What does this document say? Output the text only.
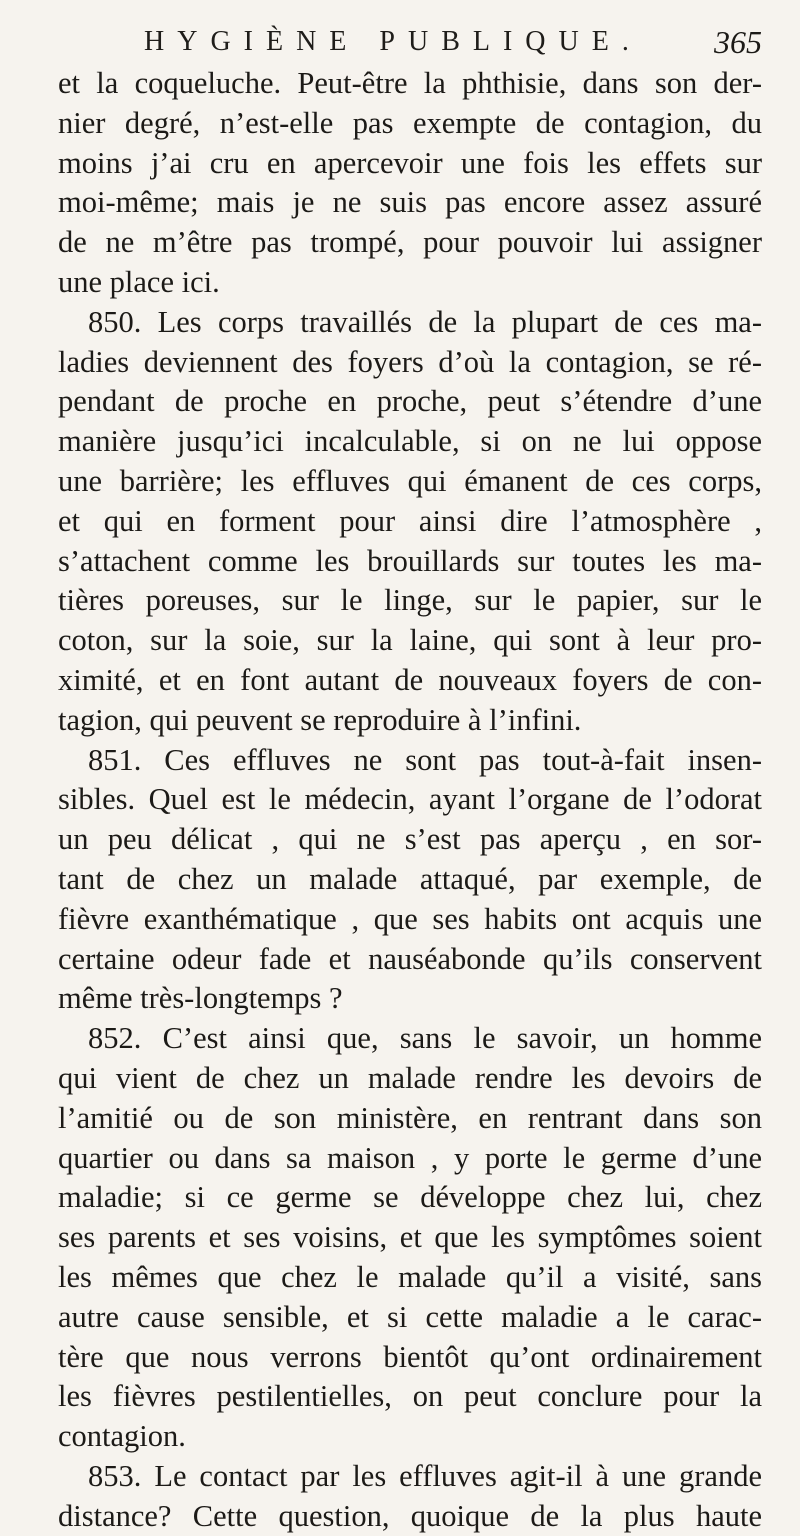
HYGIÈNE PUBLIQUE. 365
et la coqueluche. Peut-être la phthisie, dans son der-
nier degré, n’est-elle pas exempte de contagion, du
moins j’ai cru en apercevoir une fois les effets sur
moi-même; mais je ne suis pas encore assez assuré
de ne m’être pas trompé, pour pouvoir lui assigner
une place ici.
850. Les corps travaillés de la plupart de ces ma-
ladies deviennent des foyers d’où la contagion, se ré-
pendant de proche en proche, peut s’étendre d’une
manière jusqu’ici incalculable, si on ne lui oppose
une barrière; les effluves qui émanent de ces corps,
et qui en forment pour ainsi dire l’atmosphère ,
s’attachent comme les brouillards sur toutes les ma-
tières poreuses, sur le linge, sur le papier, sur le
coton, sur la soie, sur la laine, qui sont à leur pro-
ximité, et en font autant de nouveaux foyers de con-
tagion, qui peuvent se reproduire à l’infini.
851. Ces effluves ne sont pas tout-à-fait insen-
sibles. Quel est le médecin, ayant l’organe de l’odorat
un peu délicat , qui ne s’est pas aperçu , en sor-
tant de chez un malade attaqué, par exemple, de
fièvre exanthématique , que ses habits ont acquis une
certaine odeur fade et nauséabonde qu’ils conservent
même très-longtemps ?
852. C’est ainsi que, sans le savoir, un homme
qui vient de chez un malade rendre les devoirs de
l’amitié ou de son ministère, en rentrant dans son
quartier ou dans sa maison , y porte le germe d’une
maladie; si ce germe se développe chez lui, chez
ses parents et ses voisins, et que les symptômes soient
les mêmes que chez le malade qu’il a visité, sans
autre cause sensible, et si cette maladie a le carac-
tère que nous verrons bientôt qu’ont ordinairement
les fièvres pestilentielles, on peut conclure pour la
contagion.
853. Le contact par les effluves agit-il à une grande
distance? Cette question, quoique de la plus haute
